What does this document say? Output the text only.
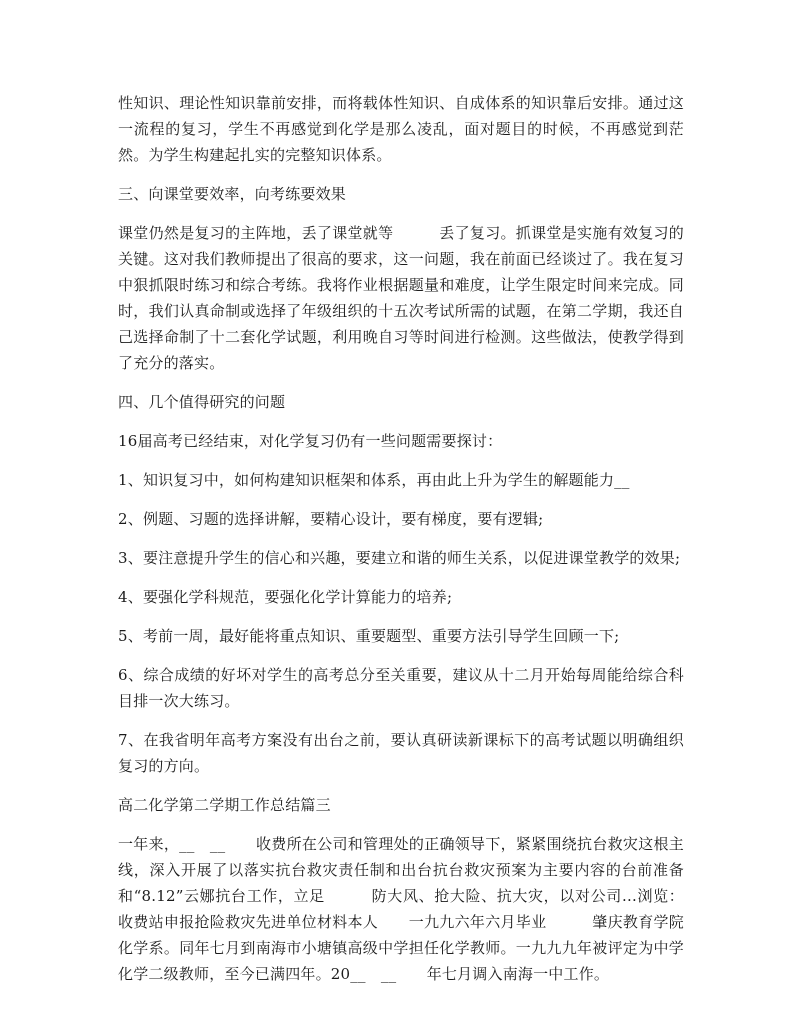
性知识、理论性知识靠前安排，而将载体性知识、自成体系的知识靠后安排。通过这一流程的复习，学生不再感觉到化学是那么凌乱，面对题目的时候，不再感觉到茫然。为学生构建起扎实的完整知识体系。

三、向课堂要效率，向考练要效果

课堂仍然是复习的主阵地，丢了课堂就等　　　丢了复习。抓课堂是实施有效复习的关键。这对我们教师提出了很高的要求，这一问题，我在前面已经谈过了。我在复习中狠抓限时练习和综合考练。我将作业根据题量和难度，让学生限定时间来完成。同时，我们认真命制或选择了年级组织的十五次考试所需的试题，在第二学期，我还自己选择命制了十二套化学试题，利用晚自习等时间进行检测。这些做法，使教学得到了充分的落实。

四、几个值得研究的问题

16届高考已经结束，对化学复习仍有一些问题需要探讨：

1、知识复习中，如何构建知识框架和体系，再由此上升为学生的解题能力__

2、例题、习题的选择讲解，要精心设计，要有梯度，要有逻辑;

3、要注意提升学生的信心和兴趣，要建立和谐的师生关系，以促进课堂教学的效果;

4、要强化学科规范，要强化化学计算能力的培养;

5、考前一周，最好能将重点知识、重要题型、重要方法引导学生回顾一下;

6、综合成绩的好坏对学生的高考总分至关重要，建议从十二月开始每周能给综合科目排一次大练习。

7、在我省明年高考方案没有出台之前，要认真研读新课标下的高考试题以明确组织复习的方向。

高二化学第二学期工作总结篇三

一年来，__　__　　收费所在公司和管理处的正确领导下，紧紧围绕抗台救灾这根主线，深入开展了以落实抗台救灾责任制和出台抗台救灾预案为主要内容的台前准备和“8.12”云娜抗台工作，立足　　　防大风、抢大险、抗大灾，以对公司…浏览：收费站申报抢险救灾先进单位材料本人　　一九九六年六月毕业　　　肇庆教育学院化学系。同年七月到南海市小塘镇高级中学担任化学教师。一九九九年被评定为中学化学二级教师，至今已满四年。20__　__　　年七月调入南海一中工作。
